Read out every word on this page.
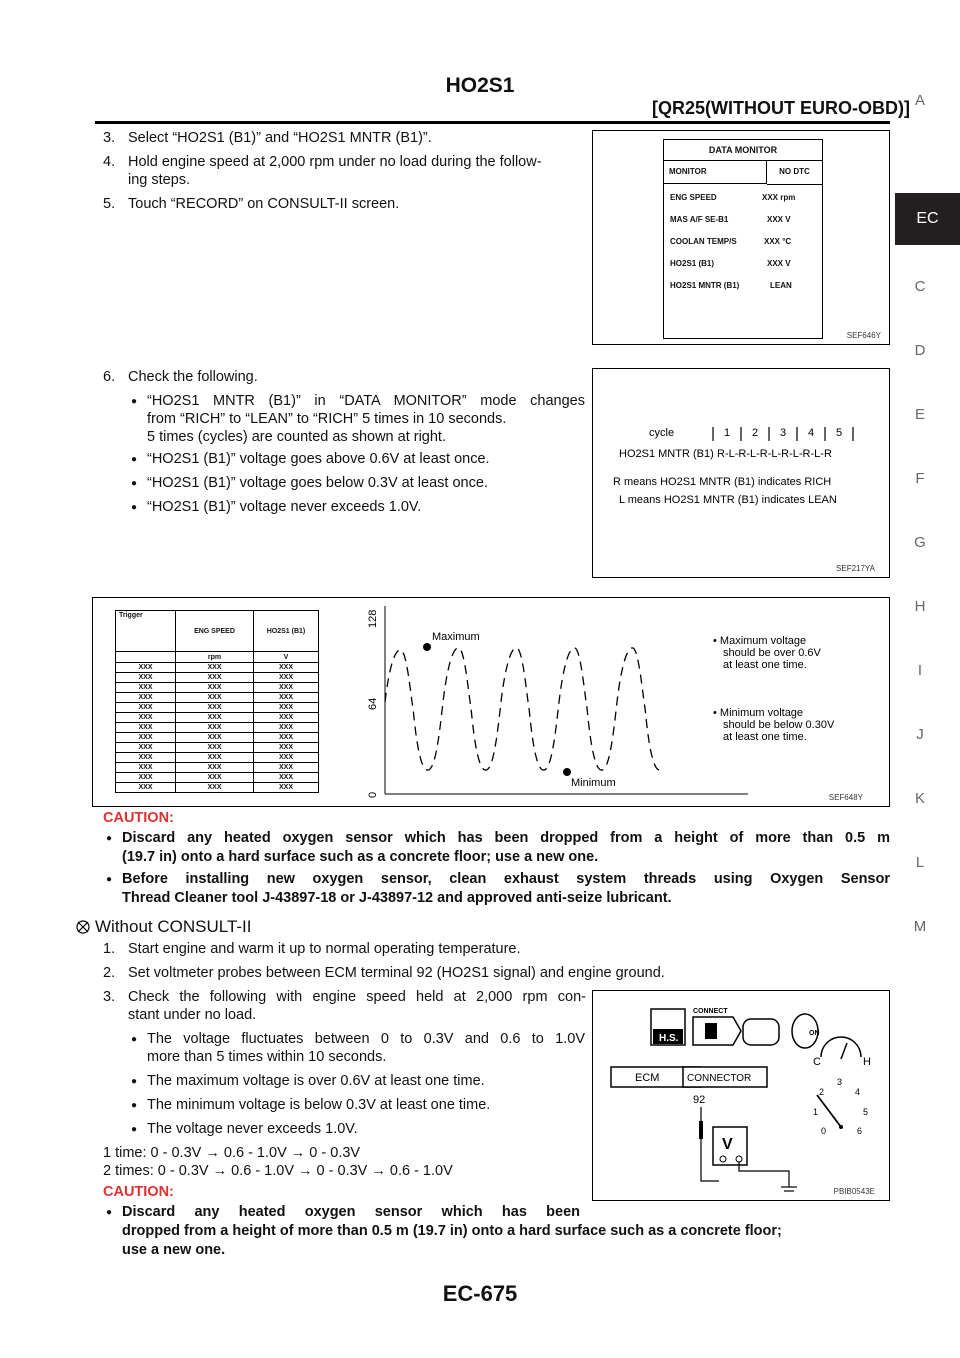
HO2S1
[QR25(WITHOUT EURO-OBD)] A
EC
C
D
E
F
G
H
I
J
K
L
M
3. Select “HO2S1 (B1)” and “HO2S1 MNTR (B1)”.
4. Hold engine speed at 2,000 rpm under no load during the follow-
ing steps.
5. Touch “RECORD” on CONSULT-II screen.
DATA MONITOR
MONITOR	NO DTC
ENG SPEED	XXX rpm
MAS A/F SE-B1	XXX V
COOLAN TEMP/S	XXX °C
HO2S1 (B1)	XXX V
HO2S1 MNTR (B1)	LEAN
SEF646Y
6. Check the following.
● “HO2S1 MNTR (B1)” in “DATA MONITOR” mode changes
from “RICH” to “LEAN” to “RICH” 5 times in 10 seconds.
5 times (cycles) are counted as shown at right.
● “HO2S1 (B1)” voltage goes above 0.6V at least once.
● “HO2S1 (B1)” voltage goes below 0.3V at least once.
● “HO2S1 (B1)” voltage never exceeds 1.0V.
cycle	1 2 3 4 5
HO2S1 MNTR (B1) R-L-R-L-R-L-R-L-R-L-R
R means HO2S1 MNTR (B1) indicates RICH
L means HO2S1 MNTR (B1) indicates LEAN
SEF217YA
Trigger	ENG SPEED	HO2S1 (B1)
	rpm	V
XXX	XXX	XXX
XXX	XXX	XXX
XXX	XXX	XXX
XXX	XXX	XXX
XXX	XXX	XXX
XXX	XXX	XXX
XXX	XXX	XXX
XXX	XXX	XXX
XXX	XXX	XXX
XXX	XXX	XXX
XXX	XXX	XXX
XXX	XXX	XXX
XXX	XXX	XXX
0
64
128
Maximum
Minimum
• Maximum voltage
should be over 0.6V
at least one time.
• Minimum voltage
should be below 0.30V
at least one time.
SEF648Y
CAUTION:
● Discard any heated oxygen sensor which has been dropped from a height of more than 0.5 m
(19.7 in) onto a hard surface such as a concrete floor; use a new one.
● Before installing new oxygen sensor, clean exhaust system threads using Oxygen Sensor
Thread Cleaner tool J-43897-18 or J-43897-12 and approved anti-seize lubricant.
Without CONSULT-II
1. Start engine and warm it up to normal operating temperature.
2. Set voltmeter probes between ECM terminal 92 (HO2S1 signal) and engine ground.
3. Check the following with engine speed held at 2,000 rpm con-
stant under no load.
● The voltage fluctuates between 0 to 0.3V and 0.6 to 1.0V
more than 5 times within 10 seconds.
● The maximum voltage is over 0.6V at least one time.
● The minimum voltage is below 0.3V at least one time.
● The voltage never exceeds 1.0V.
1 time: 0 - 0.3V → 0.6 - 1.0V → 0 - 0.3V
2 times: 0 - 0.3V → 0.6 - 1.0V → 0 - 0.3V → 0.6 - 1.0V
H.S.
CONNECT
ON
ECM	CONNECTOR
92
V
C	H
0
1
2
3
4
5
6
PBIB0543E
CAUTION:
● Discard any heated oxygen sensor which has been
dropped from a height of more than 0.5 m (19.7 in) onto a hard surface such as a concrete floor;
use a new one.
EC-675
